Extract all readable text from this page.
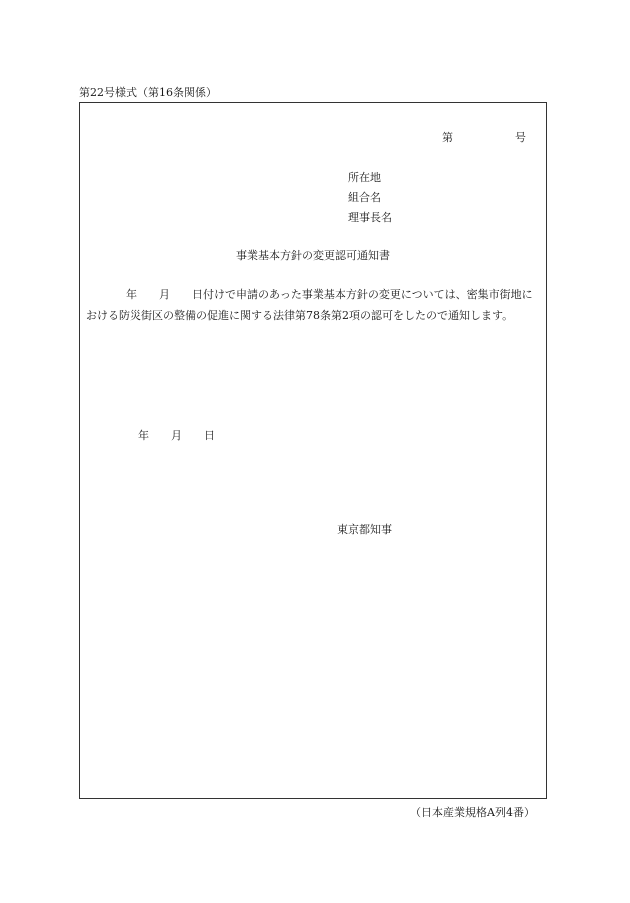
第22号様式（第16条関係）
第	号
所在地
組合名
理事長名
事業基本方針の変更認可通知書
年　　月　　日付けで申請のあった事業基本方針の変更については、密集市街地における防災街区の整備の促進に関する法律第78条第2項の認可をしたので通知します。
年　　月　　日
東京都知事
（日本産業規格A列4番）
